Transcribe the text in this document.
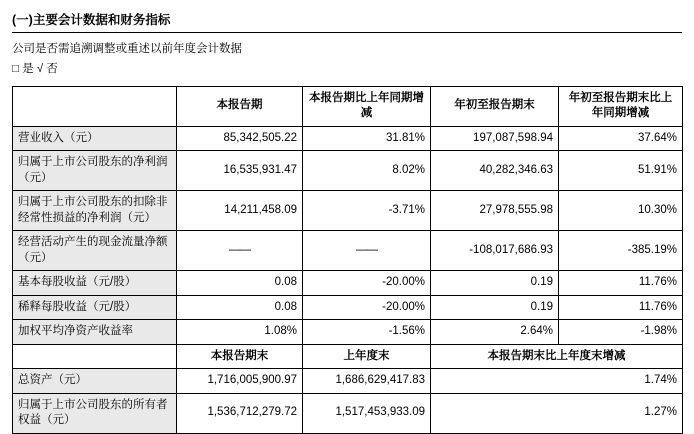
(一)主要会计数据和财务指标
公司是否需追溯调整或重述以前年度会计数据
□ 是 √ 否
	本报告期	本报告期比上年同期增减	年初至报告期末	年初至报告期末比上年同期增减
营业收入（元）	85,342,505.22	31.81%	197,087,598.94	37.64%
归属于上市公司股东的净利润（元）	16,535,931.47	8.02%	40,282,346.63	51.91%
归属于上市公司股东的扣除非经常性损益的净利润（元）	14,211,458.09	-3.71%	27,978,555.98	10.30%
经营活动产生的现金流量净额（元）	——	——	-108,017,686.93	-385.19%
基本每股收益（元/股）	0.08	-20.00%	0.19	11.76%
稀释每股收益（元/股）	0.08	-20.00%	0.19	11.76%
加权平均净资产收益率	1.08%	-1.56%	2.64%	-1.98%
	本报告期末	上年度末	本报告期末比上年度末增减	
总资产（元）	1,716,005,900.97	1,686,629,417.83	1.74%	
归属于上市公司股东的所有者权益（元）	1,536,712,279.72	1,517,453,933.09	1.27%	
